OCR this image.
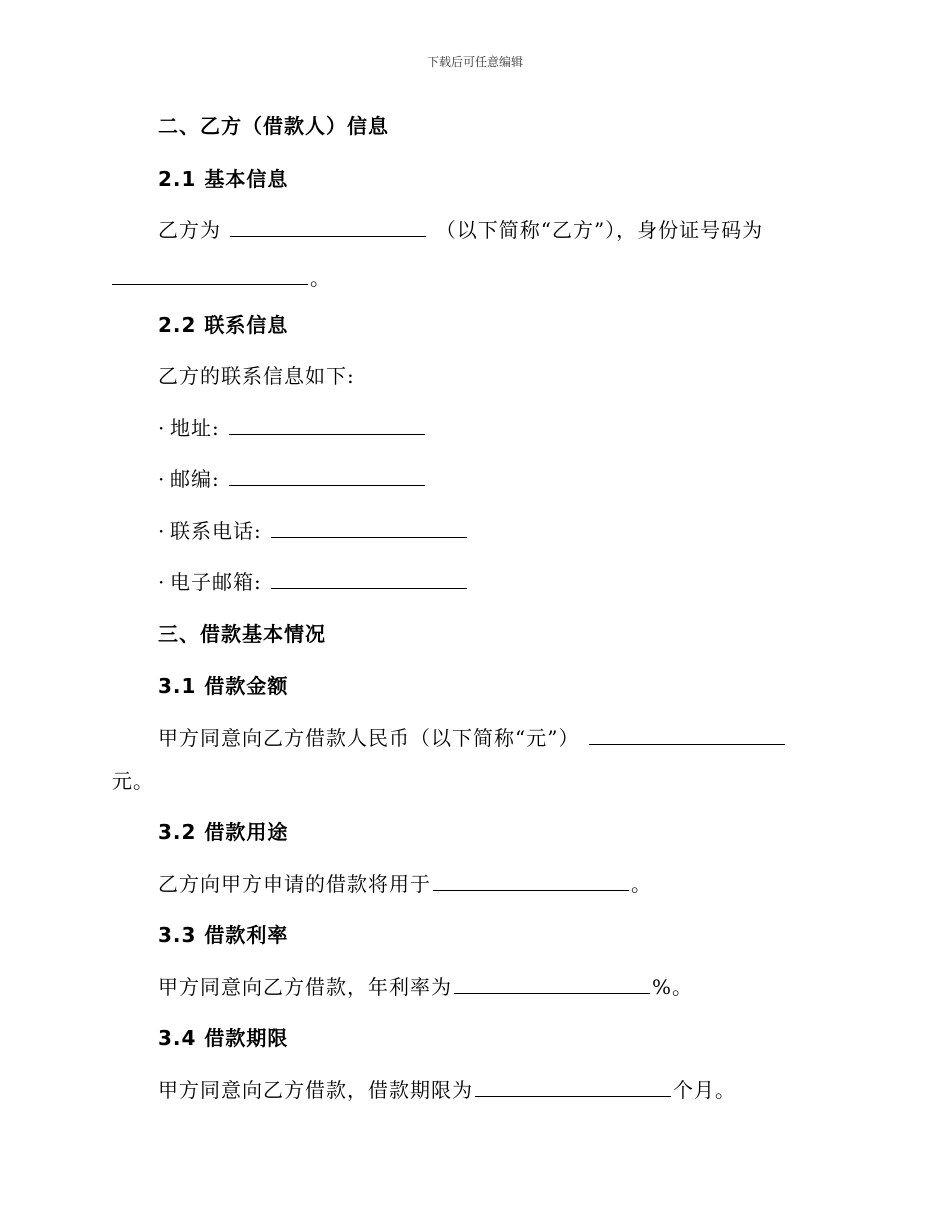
下载后可任意编辑
二、乙方（借款人）信息
2.1 基本信息
乙方为	（以下简称“乙方”），身份证号码为
。
2.2 联系信息
乙方的联系信息如下:
· 地址:
· 邮编:
· 联系电话:
· 电子邮箱:
三、借款基本情况
3.1 借款金额
甲方同意向乙方借款人民币（以下简称“元”）
元。
3.2 借款用途
乙方向甲方申请的借款将用于	。
3.3 借款利率
甲方同意向乙方借款，年利率为	%。
3.4 借款期限
甲方同意向乙方借款，借款期限为	个月。
